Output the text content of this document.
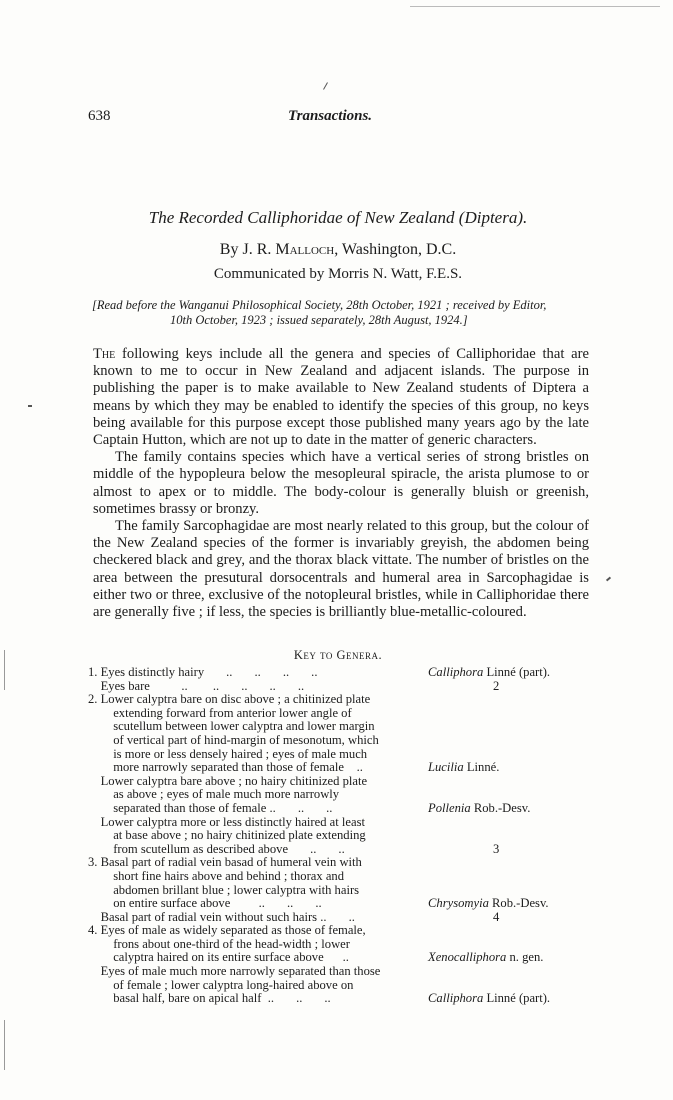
638	Transactions.
The Recorded Calliphoridae of New Zealand (Diptera).
By J. R. Malloch, Washington, D.C.
Communicated by Morris N. Watt, F.E.S.
[Read before the Wanganui Philosophical Society, 28th October, 1921 ; received by Editor,
10th October, 1923 ; issued separately, 28th August, 1924.]

The following keys include all the genera and species of Calliphoridae that are known to me to occur in New Zealand and adjacent islands. The purpose in publishing the paper is to make available to New Zealand students of Diptera a means by which they may be enabled to identify the species of this group, no keys being available for this purpose except those published many years ago by the late Captain Hutton, which are not up to date in the matter of generic characters.

The family contains species which have a vertical series of strong bristles on middle of the hypopleura below the mesopleural spiracle, the arista plumose to or almost to apex or to middle. The body-colour is generally bluish or greenish, sometimes brassy or bronzy.

The family Sarcophagidae are most nearly related to this group, but the colour of the New Zealand species of the former is invariably greyish, the abdomen being checkered black and grey, and the thorax black vittate. The number of bristles on the area between the presutural dorsocentrals and humeral area in Sarcophagidae is either two or three, exclusive of the notopleural bristles, while in Calliphoridae there are generally five ; if less, the species is brilliantly blue-metallic-coloured.

Key to Genera.
1. Eyes distinctly hairy       ..       ..       ..       ..	Calliphora Linné (part).
Eyes bare          ..        ..       ..       ..       ..	2
2. Lower calyptra bare on disc above ; a chitinized plate
extending forward from anterior lower angle of
scutellum between lower calyptra and lower margin
of vertical part of hind-margin of mesonotum, which
is more or less densely haired ; eyes of male much
more narrowly separated than those of female    ..	Lucilia Linné.
Lower calyptra bare above ; no hairy chitinized plate
as above ; eyes of male much more narrowly
separated than those of female ..       ..       ..	Pollenia Rob.-Desv.
Lower calyptra more or less distinctly haired at least
at base above ; no hairy chitinized plate extending
from scutellum as described above       ..       ..	3
3. Basal part of radial vein basad of humeral vein with
short fine hairs above and behind ; thorax and
abdomen brillant blue ; lower calyptra with hairs
on entire surface above         ..       ..       ..	Chrysomyia Rob.-Desv.
Basal part of radial vein without such hairs ..       ..	4
4. Eyes of male as widely separated as those of female,
frons about one-third of the head-width ; lower
calyptra haired on its entire surface above      ..	Xenocalliphora n. gen.
Eyes of male much more narrowly separated than those
of female ; lower calyptra long-haired above on
basal half, bare on apical half  ..       ..       ..	Calliphora Linné (part).
